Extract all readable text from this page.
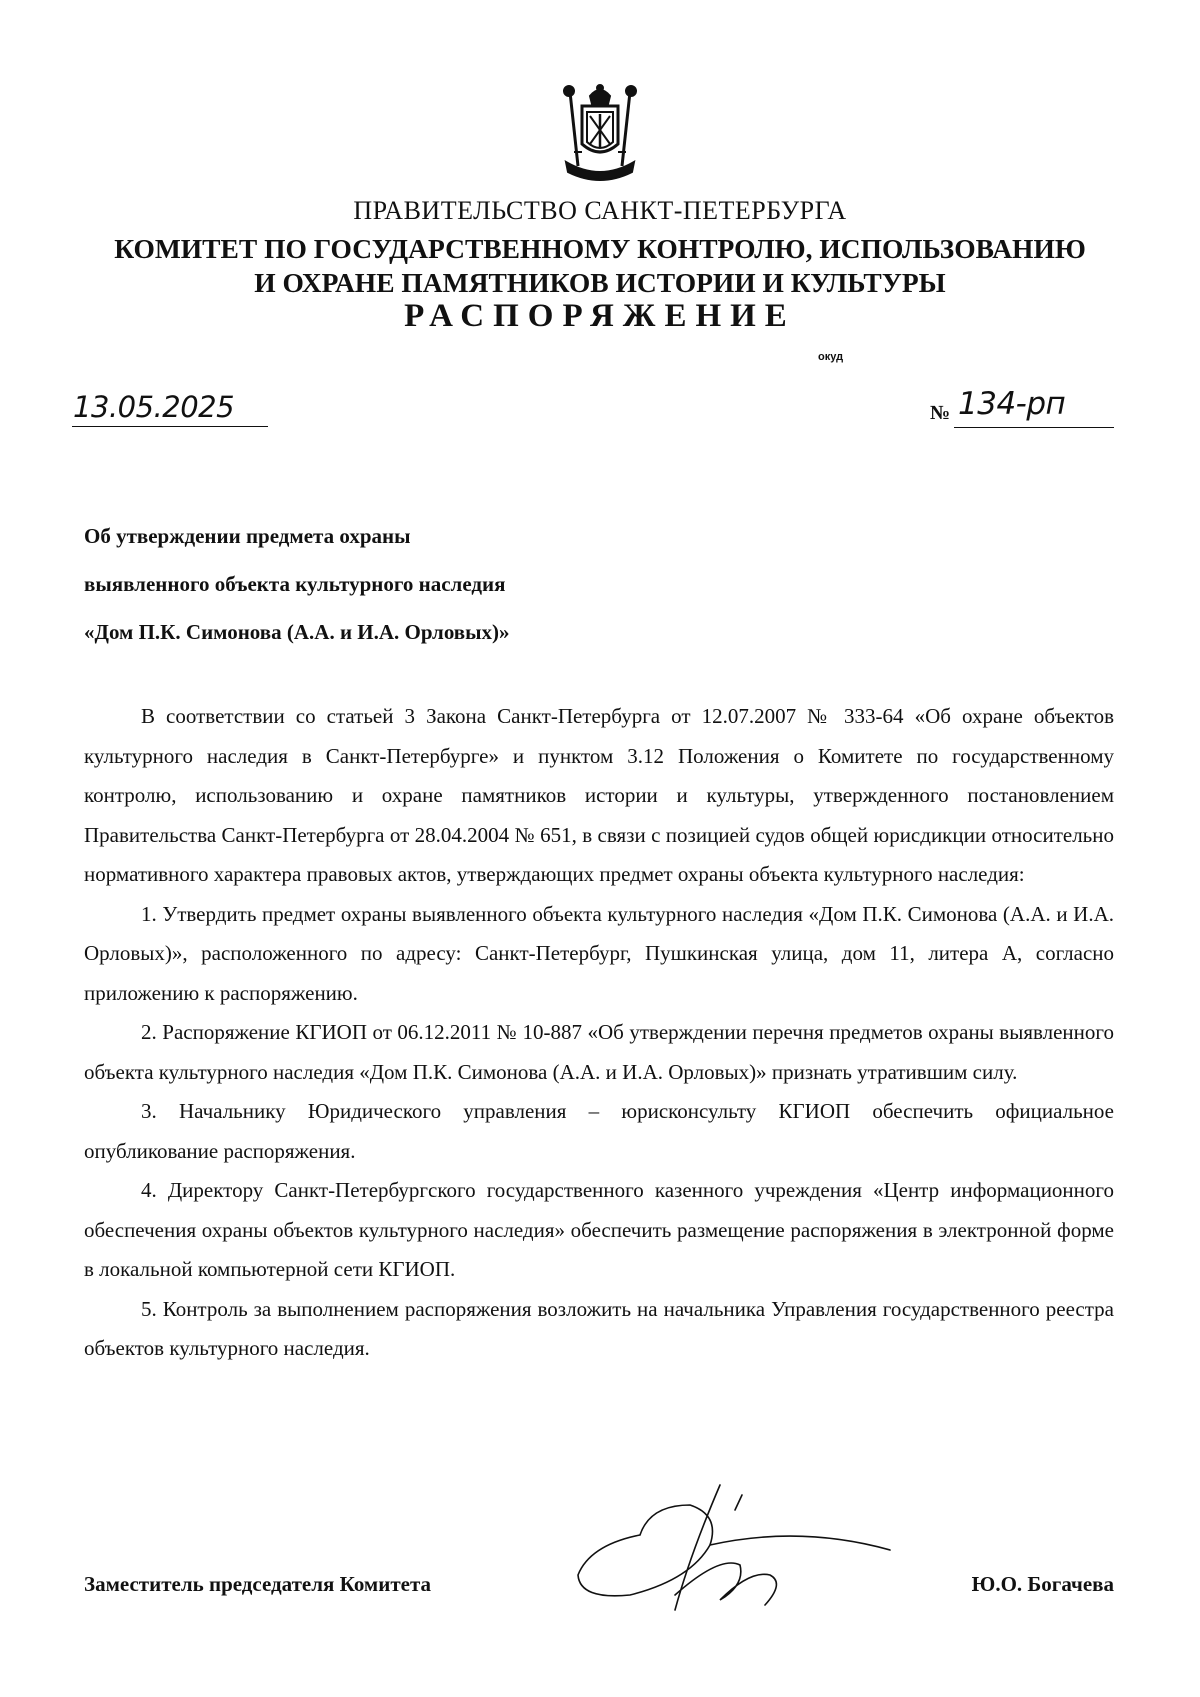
ПРАВИТЕЛЬСТВО САНКТ-ПЕТЕРБУРГА
КОМИТЕТ ПО ГОСУДАРСТВЕННОМУ КОНТРОЛЮ, ИСПОЛЬЗОВАНИЮ
И ОХРАНЕ ПАМЯТНИКОВ ИСТОРИИ И КУЛЬТУРЫ
РАСПОРЯЖЕНИЕ
окуд
13.05.2025	№ 134-рп
Об утверждении предмета охраны
выявленного объекта культурного наследия
«Дом П.К. Симонова (А.А. и И.А. Орловых)»

В соответствии со статьей 3 Закона Санкт-Петербурга от 12.07.2007 № 333-64 «Об охране объектов культурного наследия в Санкт-Петербурге» и пунктом 3.12 Положения о Комитете по государственному контролю, использованию и охране памятников истории и культуры, утвержденного постановлением Правительства Санкт-Петербурга от 28.04.2004 № 651, в связи с позицией судов общей юрисдикции относительно нормативного характера правовых актов, утверждающих предмет охраны объекта культурного наследия:

1. Утвердить предмет охраны выявленного объекта культурного наследия «Дом П.К. Симонова (А.А. и И.А. Орловых)», расположенного по адресу: Санкт-Петербург, Пушкинская улица, дом 11, литера А, согласно приложению к распоряжению.

2. Распоряжение КГИОП от 06.12.2011 № 10-887 «Об утверждении перечня предметов охраны выявленного объекта культурного наследия «Дом П.К. Симонова (А.А. и И.А. Орловых)» признать утратившим силу.

3. Начальнику Юридического управления – юрисконсульту КГИОП обеспечить официальное опубликование распоряжения.

4. Директору Санкт-Петербургского государственного казенного учреждения «Центр информационного обеспечения охраны объектов культурного наследия» обеспечить размещение распоряжения в электронной форме в локальной компьютерной сети КГИОП.

5. Контроль за выполнением распоряжения возложить на начальника Управления государственного реестра объектов культурного наследия.

Заместитель председателя Комитета	Ю.О. Богачева
